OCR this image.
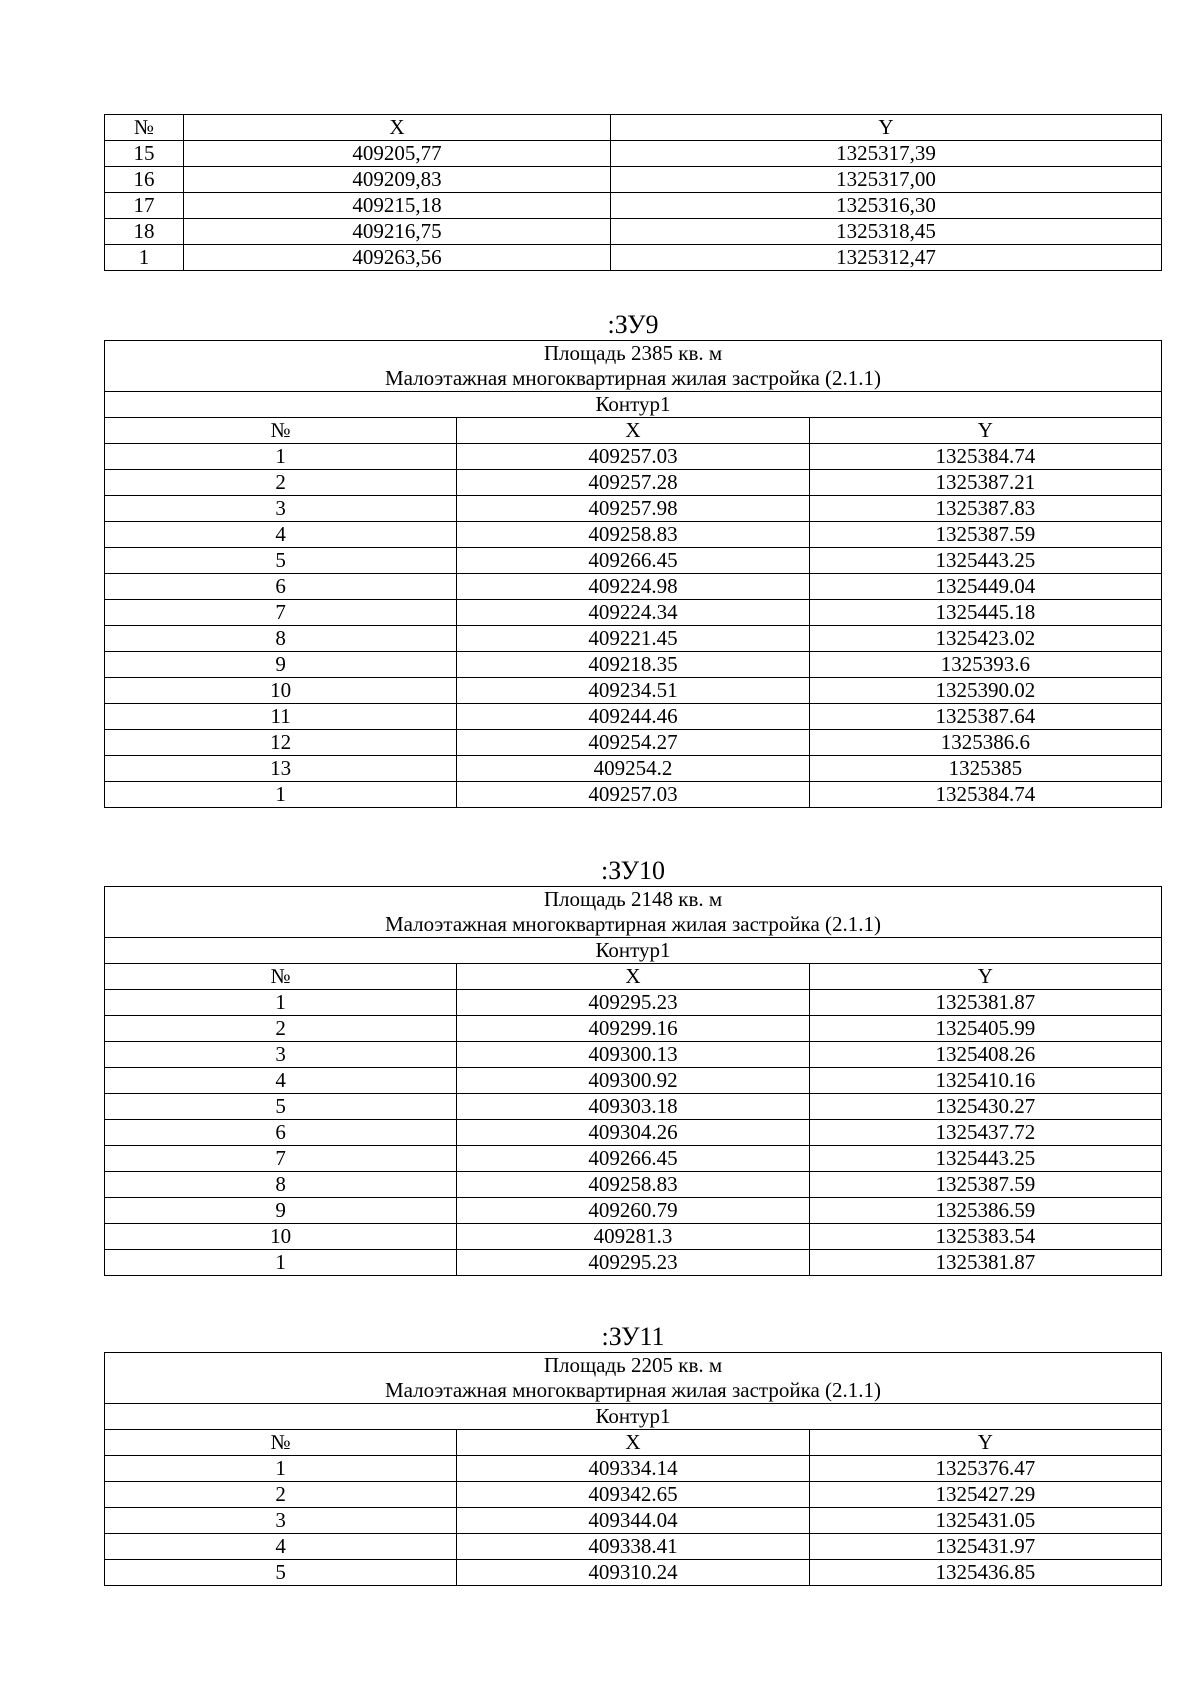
№	X	Y
15	409205,77	1325317,39
16	409209,83	1325317,00
17	409215,18	1325316,30
18	409216,75	1325318,45
1	409263,56	1325312,47
:ЗУ9
Площадь 2385 кв. м		
Малоэтажная многоквартирная жилая застройка (2.1.1)		
Контур1		
№	X	Y
1	409257.03	1325384.74
2	409257.28	1325387.21
3	409257.98	1325387.83
4	409258.83	1325387.59
5	409266.45	1325443.25
6	409224.98	1325449.04
7	409224.34	1325445.18
8	409221.45	1325423.02
9	409218.35	1325393.6
10	409234.51	1325390.02
11	409244.46	1325387.64
12	409254.27	1325386.6
13	409254.2	1325385
1	409257.03	1325384.74
:ЗУ10
Площадь 2148 кв. м		
Малоэтажная многоквартирная жилая застройка (2.1.1)		
Контур1		
№	X	Y
1	409295.23	1325381.87
2	409299.16	1325405.99
3	409300.13	1325408.26
4	409300.92	1325410.16
5	409303.18	1325430.27
6	409304.26	1325437.72
7	409266.45	1325443.25
8	409258.83	1325387.59
9	409260.79	1325386.59
10	409281.3	1325383.54
1	409295.23	1325381.87
:ЗУ11
Площадь 2205 кв. м		
Малоэтажная многоквартирная жилая застройка (2.1.1)		
Контур1		
№	X	Y
1	409334.14	1325376.47
2	409342.65	1325427.29
3	409344.04	1325431.05
4	409338.41	1325431.97
5	409310.24	1325436.85
